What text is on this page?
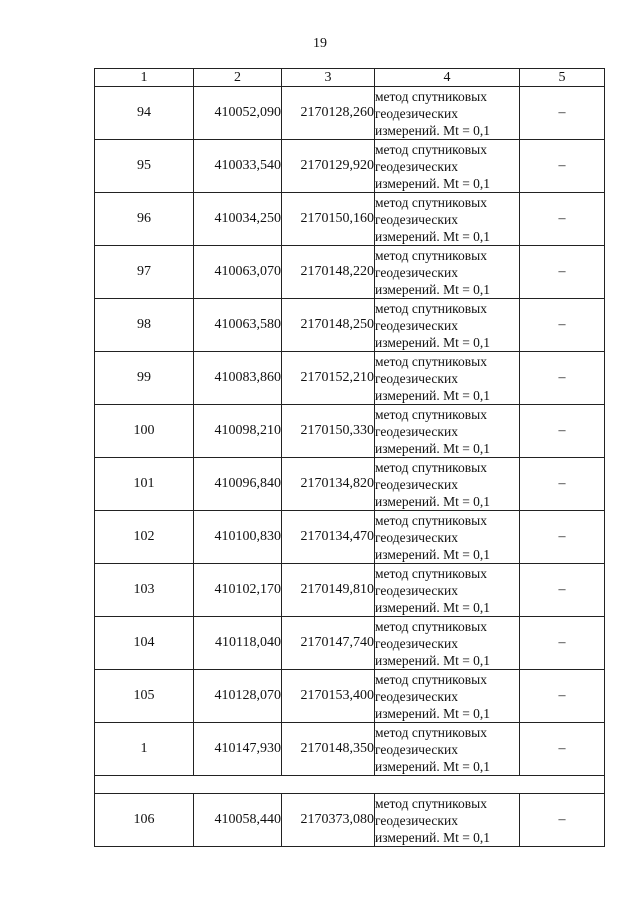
19
1	2	3	4	5
94	410052,090	2170128,260	метод спутниковых
геодезических
измерений. Mt = 0,1	–
95	410033,540	2170129,920	метод спутниковых
геодезических
измерений. Mt = 0,1	–
96	410034,250	2170150,160	метод спутниковых
геодезических
измерений. Mt = 0,1	–
97	410063,070	2170148,220	метод спутниковых
геодезических
измерений. Mt = 0,1	–
98	410063,580	2170148,250	метод спутниковых
геодезических
измерений. Mt = 0,1	–
99	410083,860	2170152,210	метод спутниковых
геодезических
измерений. Mt = 0,1	–
100	410098,210	2170150,330	метод спутниковых
геодезических
измерений. Mt = 0,1	–
101	410096,840	2170134,820	метод спутниковых
геодезических
измерений. Mt = 0,1	–
102	410100,830	2170134,470	метод спутниковых
геодезических
измерений. Mt = 0,1	–
103	410102,170	2170149,810	метод спутниковых
геодезических
измерений. Mt = 0,1	–
104	410118,040	2170147,740	метод спутниковых
геодезических
измерений. Mt = 0,1	–
105	410128,070	2170153,400	метод спутниковых
геодезических
измерений. Mt = 0,1	–
1	410147,930	2170148,350	метод спутниковых
геодезических
измерений. Mt = 0,1	–

106	410058,440	2170373,080	метод спутниковых
геодезических
измерений. Mt = 0,1	–
